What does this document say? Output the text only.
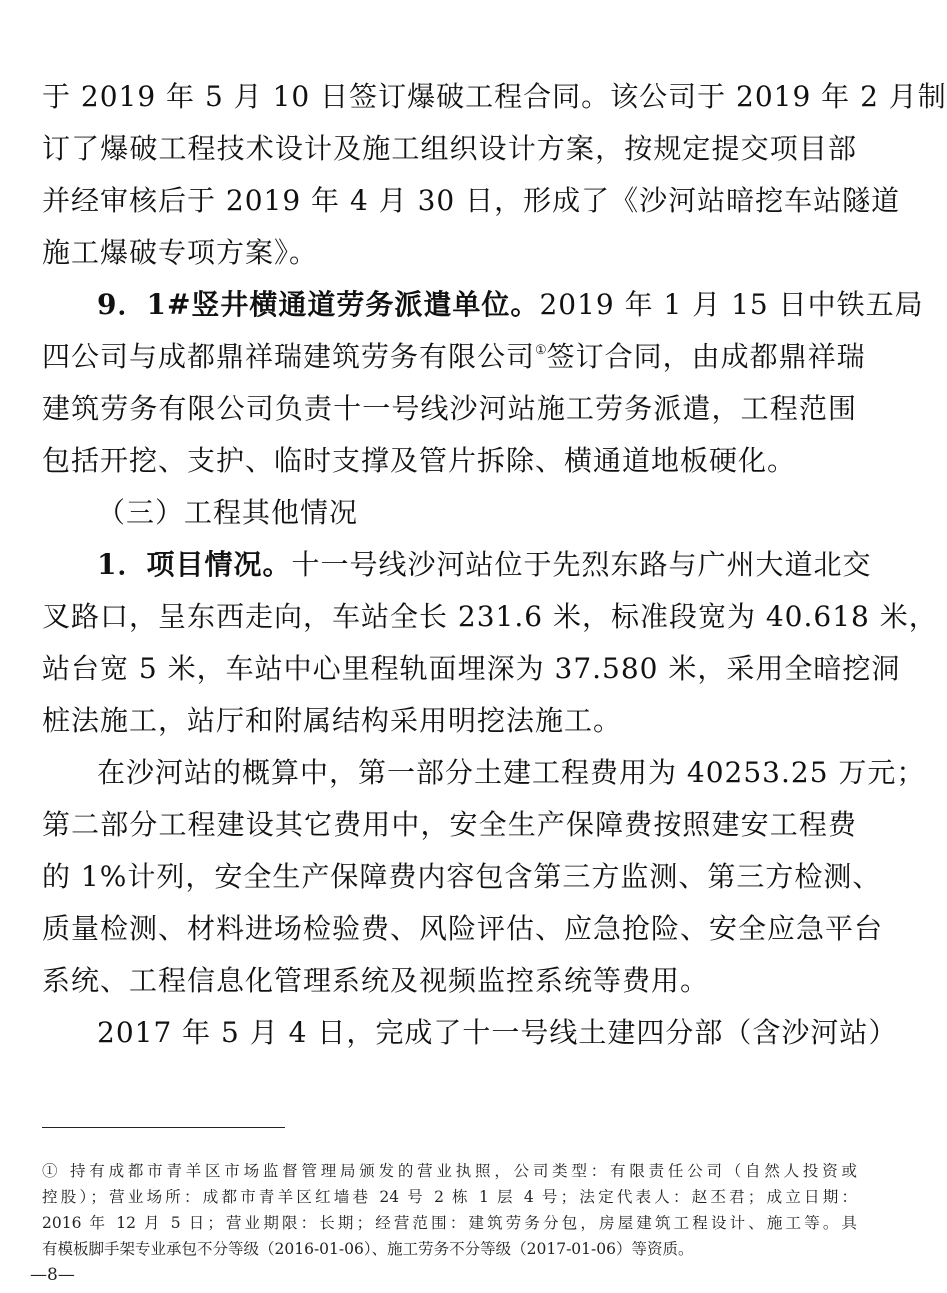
于 2019 年 5 月 10 日签订爆破工程合同。该公司于 2019 年 2 月制
订了爆破工程技术设计及施工组织设计方案，按规定提交项目部
并经审核后于 2019 年 4 月 30 日，形成了《沙河站暗挖车站隧道
施工爆破专项方案》。
9．1#竖井横通道劳务派遣单位。2019 年 1 月 15 日中铁五局
四公司与成都鼎祥瑞建筑劳务有限公司①签订合同，由成都鼎祥瑞
建筑劳务有限公司负责十一号线沙河站施工劳务派遣，工程范围
包括开挖、支护、临时支撑及管片拆除、横通道地板硬化。
（三）工程其他情况
1．项目情况。十一号线沙河站位于先烈东路与广州大道北交
叉路口，呈东西走向，车站全长 231.6 米，标准段宽为 40.618 米，
站台宽 5 米，车站中心里程轨面埋深为 37.580 米，采用全暗挖洞
桩法施工，站厅和附属结构采用明挖法施工。
在沙河站的概算中，第一部分土建工程费用为 40253.25 万元；
第二部分工程建设其它费用中，安全生产保障费按照建安工程费
的 1%计列，安全生产保障费内容包含第三方监测、第三方检测、
质量检测、材料进场检验费、风险评估、应急抢险、安全应急平台
系统、工程信息化管理系统及视频监控系统等费用。
2017 年 5 月 4 日，完成了十一号线土建四分部（含沙河站）
① 持有成都市青羊区市场监督管理局颁发的营业执照，公司类型：有限责任公司（自然人投资或
控股）；营业场所：成都市青羊区红墙巷 24 号 2 栋 1 层 4 号；法定代表人：赵丕君；成立日期：
2016 年 12 月 5 日；营业期限：长期；经营范围：建筑劳务分包，房屋建筑工程设计、施工等。具
有模板脚手架专业承包不分等级（2016-01-06）、施工劳务不分等级（2017-01-06）等资质。
—8—
